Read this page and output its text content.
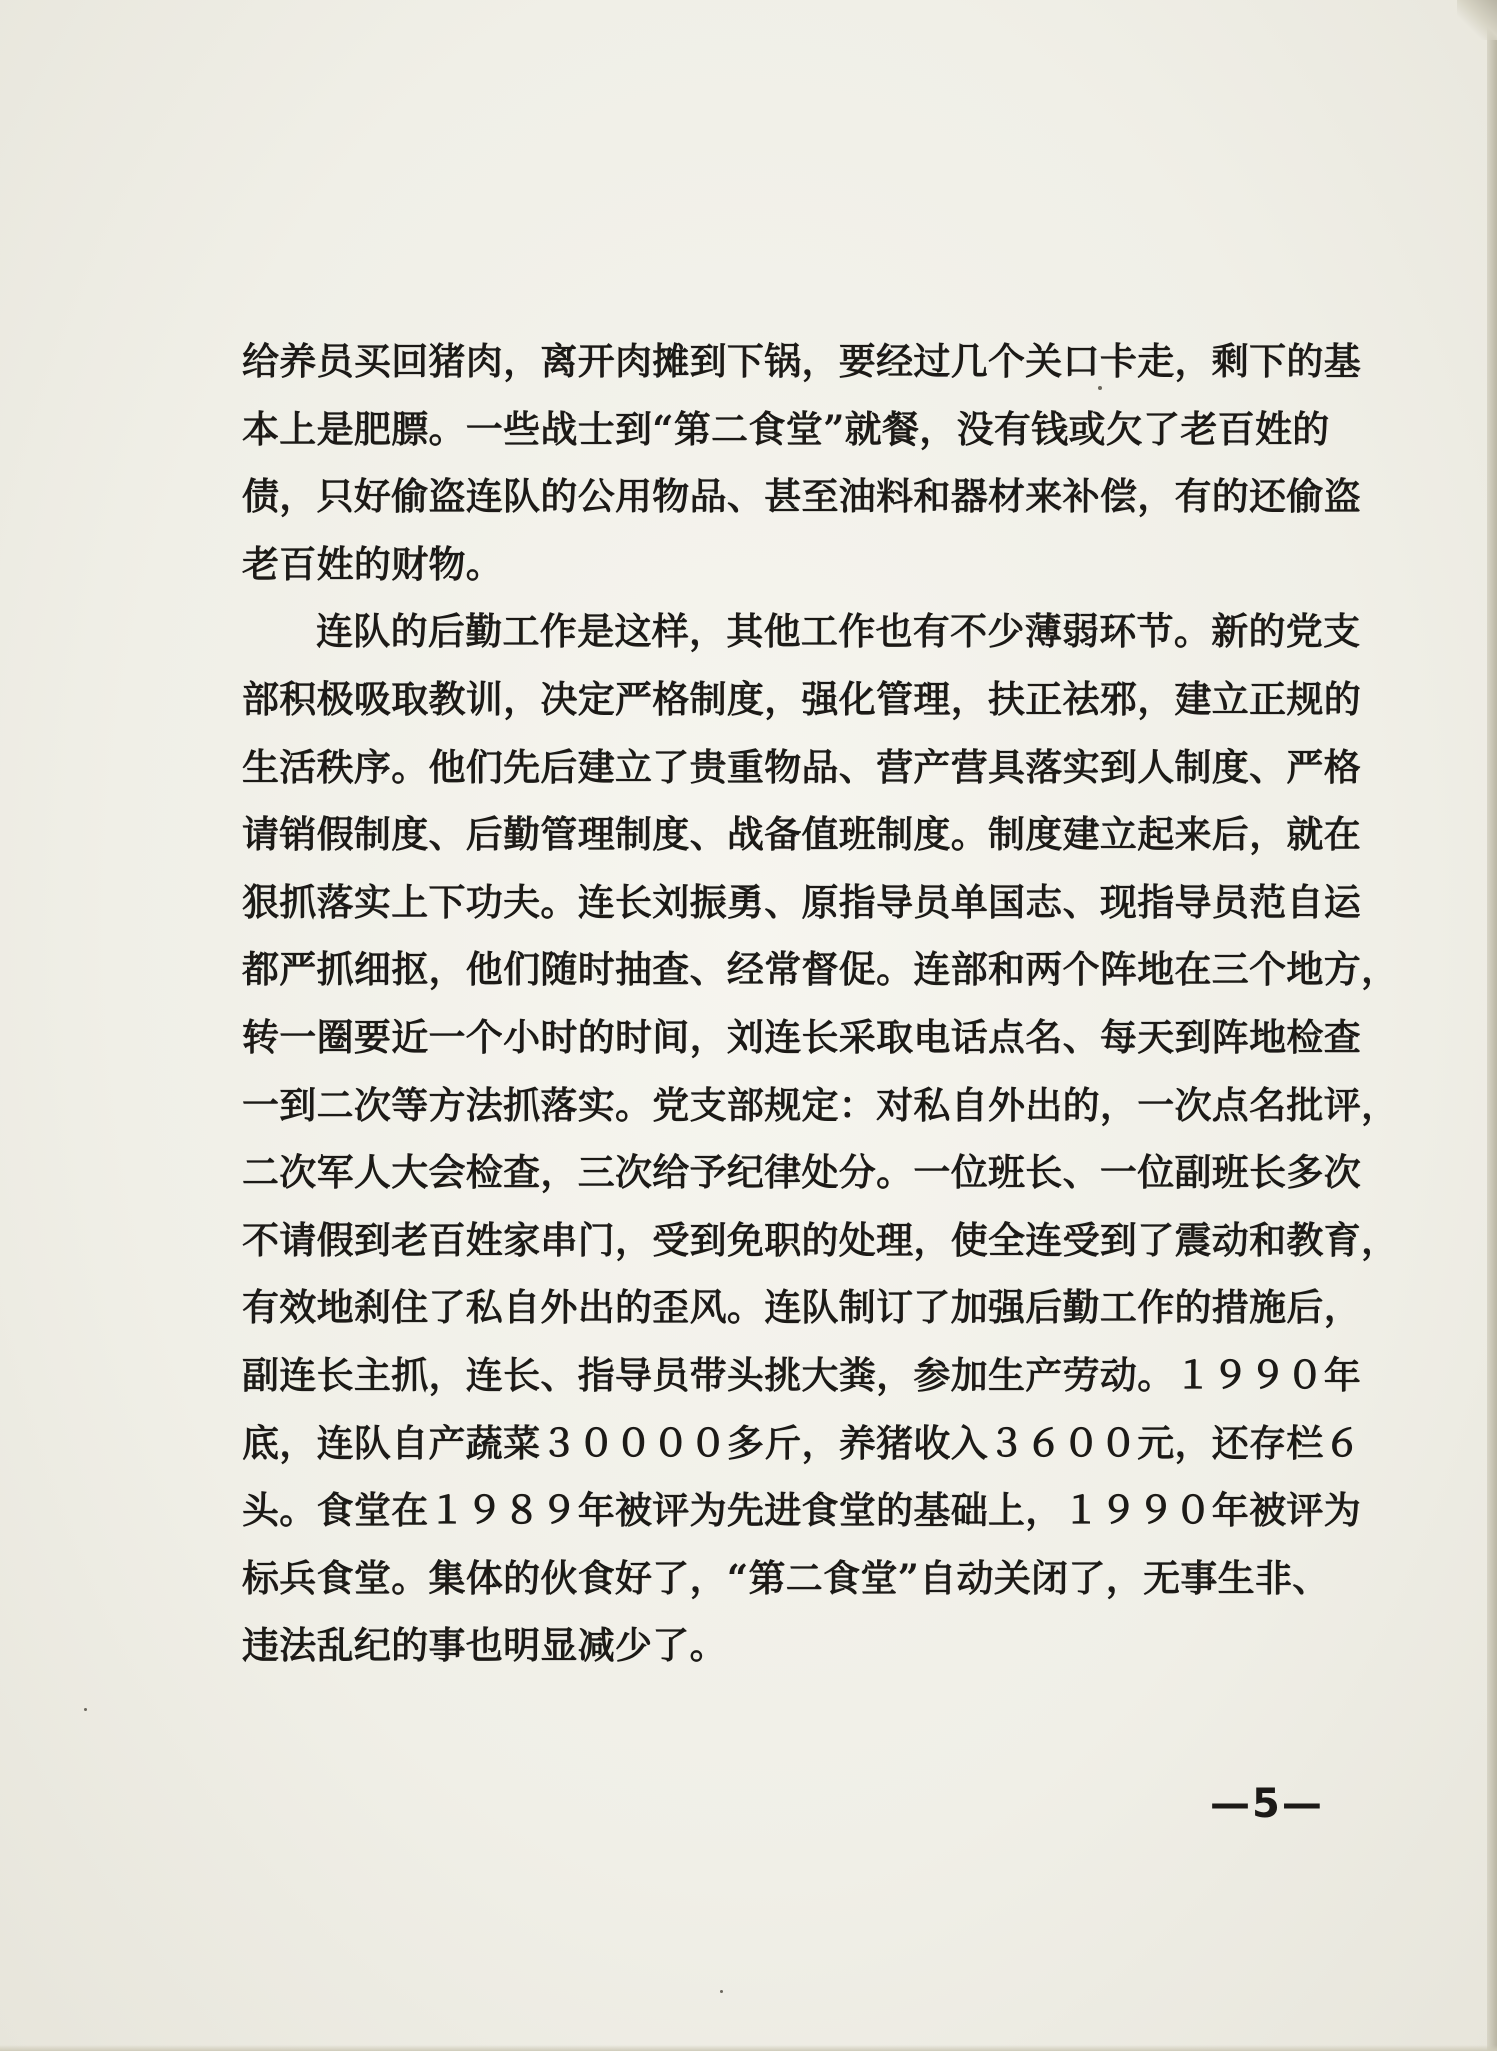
给养员买回猪肉，离开肉摊到下锅，要经过几个关口卡走，剩下的基
本上是肥膘。一些战士到“第二食堂”就餐，没有钱或欠了老百姓的
债，只好偷盗连队的公用物品、甚至油料和器材来补偿，有的还偷盗
老百姓的财物。

连队的后勤工作是这样，其他工作也有不少薄弱环节。新的党支
部积极吸取教训，决定严格制度，强化管理，扶正祛邪，建立正规的
生活秩序。他们先后建立了贵重物品、营产营具落实到人制度、严格
请销假制度、后勤管理制度、战备值班制度。制度建立起来后，就在
狠抓落实上下功夫。连长刘振勇、原指导员单国志、现指导员范自运
都严抓细抠，他们随时抽查、经常督促。连部和两个阵地在三个地方，
转一圈要近一个小时的时间，刘连长采取电话点名、每天到阵地检查
一到二次等方法抓落实。党支部规定：对私自外出的，一次点名批评，
二次军人大会检查，三次给予纪律处分。一位班长、一位副班长多次
不请假到老百姓家串门，受到免职的处理，使全连受到了震动和教育，
有效地刹住了私自外出的歪风。连队制订了加强后勤工作的措施后，
副连长主抓，连长、指导员带头挑大粪，参加生产劳动。１９９０年
底，连队自产蔬菜３００００多斤，养猪收入３６００元，还存栏６
头。食堂在１９８９年被评为先进食堂的基础上，１９９０年被评为
标兵食堂。集体的伙食好了，“第二食堂”自动关闭了，无事生非、
违法乱纪的事也明显减少了。

—5—
